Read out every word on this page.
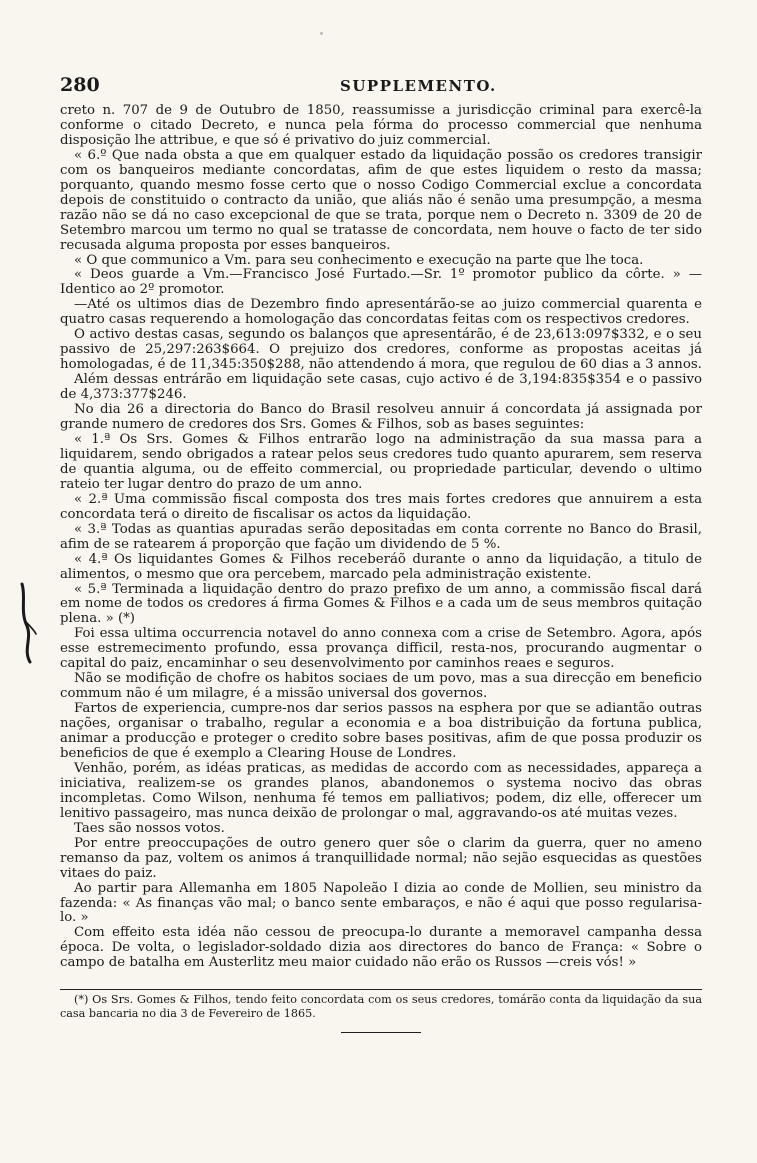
280	SUPPLEMENTO.

creto n. 707 de 9 de Outubro de 1850, reassumisse a jurisdicção criminal para exercê-la conforme o citado Decreto, e nunca pela fórma do processo commercial que nenhuma disposição lhe attribue, e que só é privativo do juiz commercial.

« 6.º Que nada obsta a que em qualquer estado da liquidação possão os credores transigir com os banqueiros mediante concordatas, afim de que estes liquidem o resto da massa; porquanto, quando mesmo fosse certo que o nosso Codigo Commercial exclue a concordata depois de constituido o contracto da união, que aliás não é senão uma presumpção, a mesma razão não se dá no caso excepcional de que se trata, porque nem o Decreto n. 3309 de 20 de Setembro marcou um termo no qual se tratasse de concordata, nem houve o facto de ter sido recusada alguma proposta por esses banqueiros.

« O que communico a Vm. para seu conhecimento e execução na parte que lhe toca.

« Deos guarde a Vm.—Francisco José Furtado.—Sr. 1º promotor publico da côrte. » — Identico ao 2º promotor.

—Até os ultimos dias de Dezembro findo apresentárão-se ao juizo commercial quarenta e quatro casas requerendo a homologação das concordatas feitas com os respectivos credores.

O activo destas casas, segundo os balanços que apresentárão, é de 23,613:097$332, e o seu passivo de 25,297:263$664. O prejuizo dos credores, conforme as propostas aceitas já homologadas, é de 11,345:350$288, não attendendo á mora, que regulou de 60 dias a 3 annos.

Além dessas entrárão em liquidação sete casas, cujo activo é de 3,194:835$354 e o passivo de 4,373:377$246.

No dia 26 a directoria do Banco do Brasil resolveu annuir á concordata já assignada por grande numero de credores dos Srs. Gomes & Filhos, sob as bases seguintes:

« 1.ª Os Srs. Gomes & Filhos entrarão logo na administração da sua massa para a liquidarem, sendo obrigados a ratear pelos seus credores tudo quanto apurarem, sem reserva de quantia alguma, ou de effeito commercial, ou propriedade particular, devendo o ultimo rateio ter lugar dentro do prazo de um anno.

« 2.ª Uma commissão fiscal composta dos tres mais fortes credores que annuirem a esta concordata terá o direito de fiscalisar os actos da liquidação.

« 3.ª Todas as quantias apuradas serão depositadas em conta corrente no Banco do Brasil, afim de se ratearem á proporção que fação um dividendo de 5 %.

« 4.ª Os liquidantes Gomes & Filhos receberáõ durante o anno da liquidação, a titulo de alimentos, o mesmo que ora percebem, marcado pela administração existente.

« 5.ª Terminada a liquidação dentro do prazo prefixo de um anno, a commissão fiscal dará em nome de todos os credores á firma Gomes & Filhos e a cada um de seus membros quitação plena. » (*)

Foi essa ultima occurrencia notavel do anno connexa com a crise de Setembro. Agora, após esse estremecimento profundo, essa provança difficil, resta-nos, procurando augmentar o capital do paiz, encaminhar o seu desenvolvimento por caminhos reaes e seguros.

Não se modifição de chofre os habitos sociaes de um povo, mas a sua direcção em beneficio commum não é um milagre, é a missão universal dos governos.

Fartos de experiencia, cumpre-nos dar serios passos na esphera por que se adiantão outras nações, organisar o trabalho, regular a economia e a boa distribuição da fortuna publica, animar a producção e proteger o credito sobre bases positivas, afim de que possa produzir os beneficios de que é exemplo a Clearing House de Londres.

Venhão, porém, as idéas praticas, as medidas de accordo com as necessidades, appareça a iniciativa, realizem-se os grandes planos, abandonemos o systema nocivo das obras incompletas. Como Wilson, nenhuma fé temos em palliativos; podem, diz elle, offerecer um lenitivo passageiro, mas nunca deixão de prolongar o mal, aggravando-os até muitas vezes.

Taes são nossos votos.

Por entre preoccupações de outro genero quer sôe o clarim da guerra, quer no ameno remanso da paz, voltem os animos á tranquillidade normal; não sejão esquecidas as questões vitaes do paiz.

Ao partir para Allemanha em 1805 Napoleão I dizia ao conde de Mollien, seu ministro da fazenda: « As finanças vão mal; o banco sente embaraços, e não é aqui que posso regularisa-lo. »

Com effeito esta idéa não cessou de preocupa-lo durante a memoravel campanha dessa época. De volta, o legislador-soldado dizia aos directores do banco de França: « Sobre o campo de batalha em Austerlitz meu maior cuidado não erão os Russos —creis vós! »

(*) Os Srs. Gomes & Filhos, tendo feito concordata com os seus credores, tomárão conta da liquidação da sua casa bancaria no dia 3 de Fevereiro de 1865.
